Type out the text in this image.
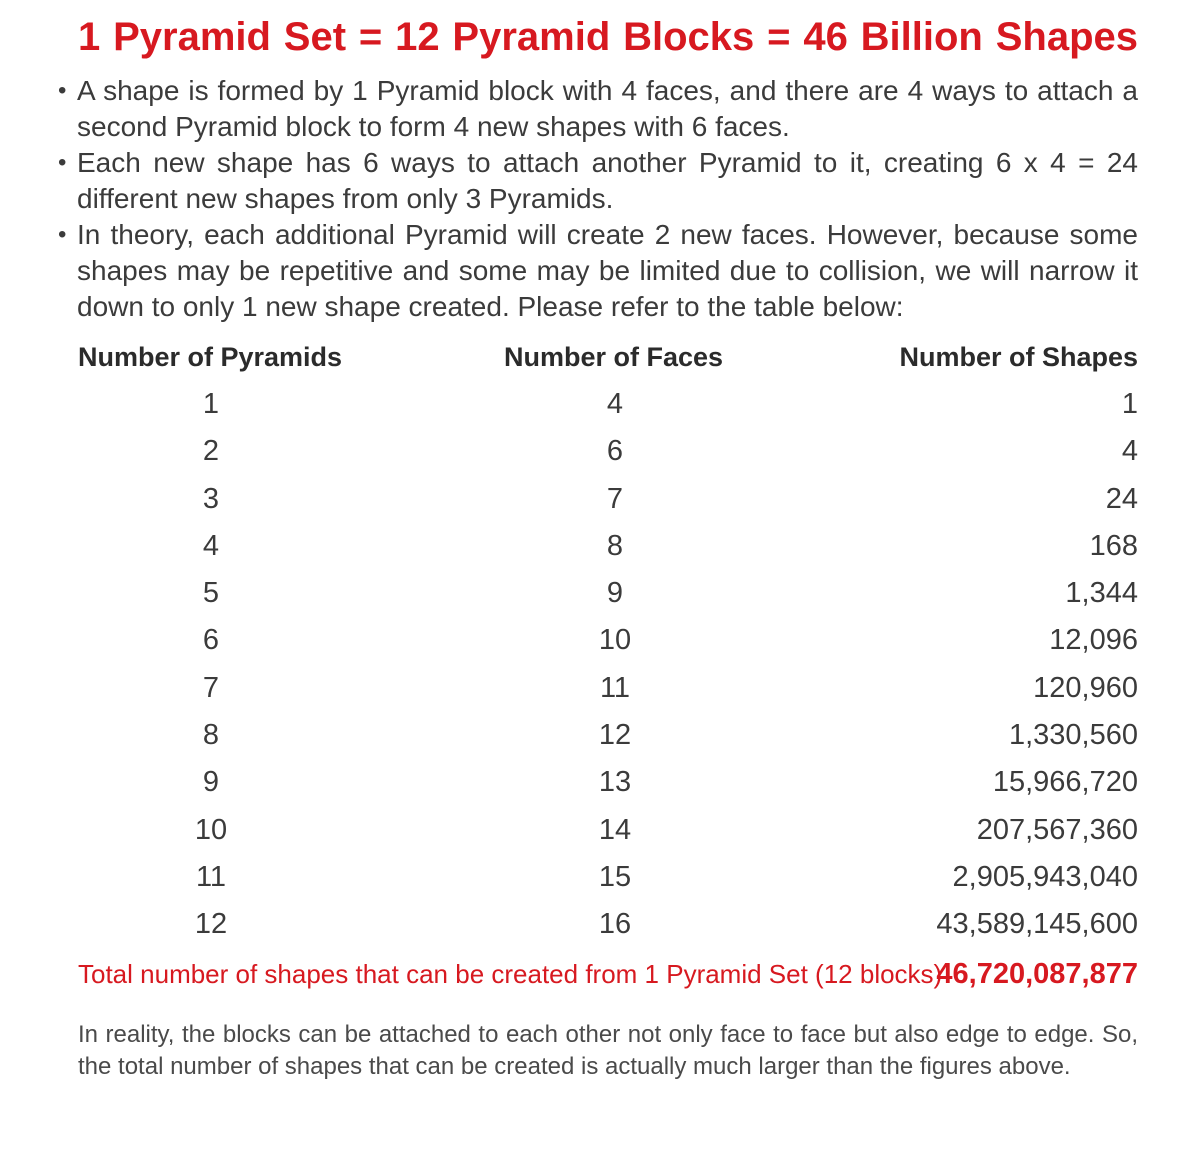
1 Pyramid Set = 12 Pyramid Blocks = 46 Billion Shapes
• A shape is formed by 1 Pyramid block with 4 faces, and there are 4 ways to attach a second Pyramid block to form 4 new shapes with 6 faces.
• Each new shape has 6 ways to attach another Pyramid to it, creating 6 x 4 = 24 different new shapes from only 3 Pyramids.
• In theory, each additional Pyramid will create 2 new faces. However, because some shapes may be repetitive and some may be limited due to collision, we will narrow it down to only 1 new shape created. Please refer to the table below:
Number of Pyramids	Number of Faces	Number of Shapes
1	4	1
2	6	4
3	7	24
4	8	168
5	9	1,344
6	10	12,096
7	11	120,960
8	12	1,330,560
9	13	15,966,720
10	14	207,567,360
11	15	2,905,943,040
12	16	43,589,145,600
Total number of shapes that can be created from 1 Pyramid Set (12 blocks)
46,720,087,877

In reality, the blocks can be attached to each other not only face to face but also edge to edge. So, the total number of shapes that can be created is actually much larger than the figures above.
